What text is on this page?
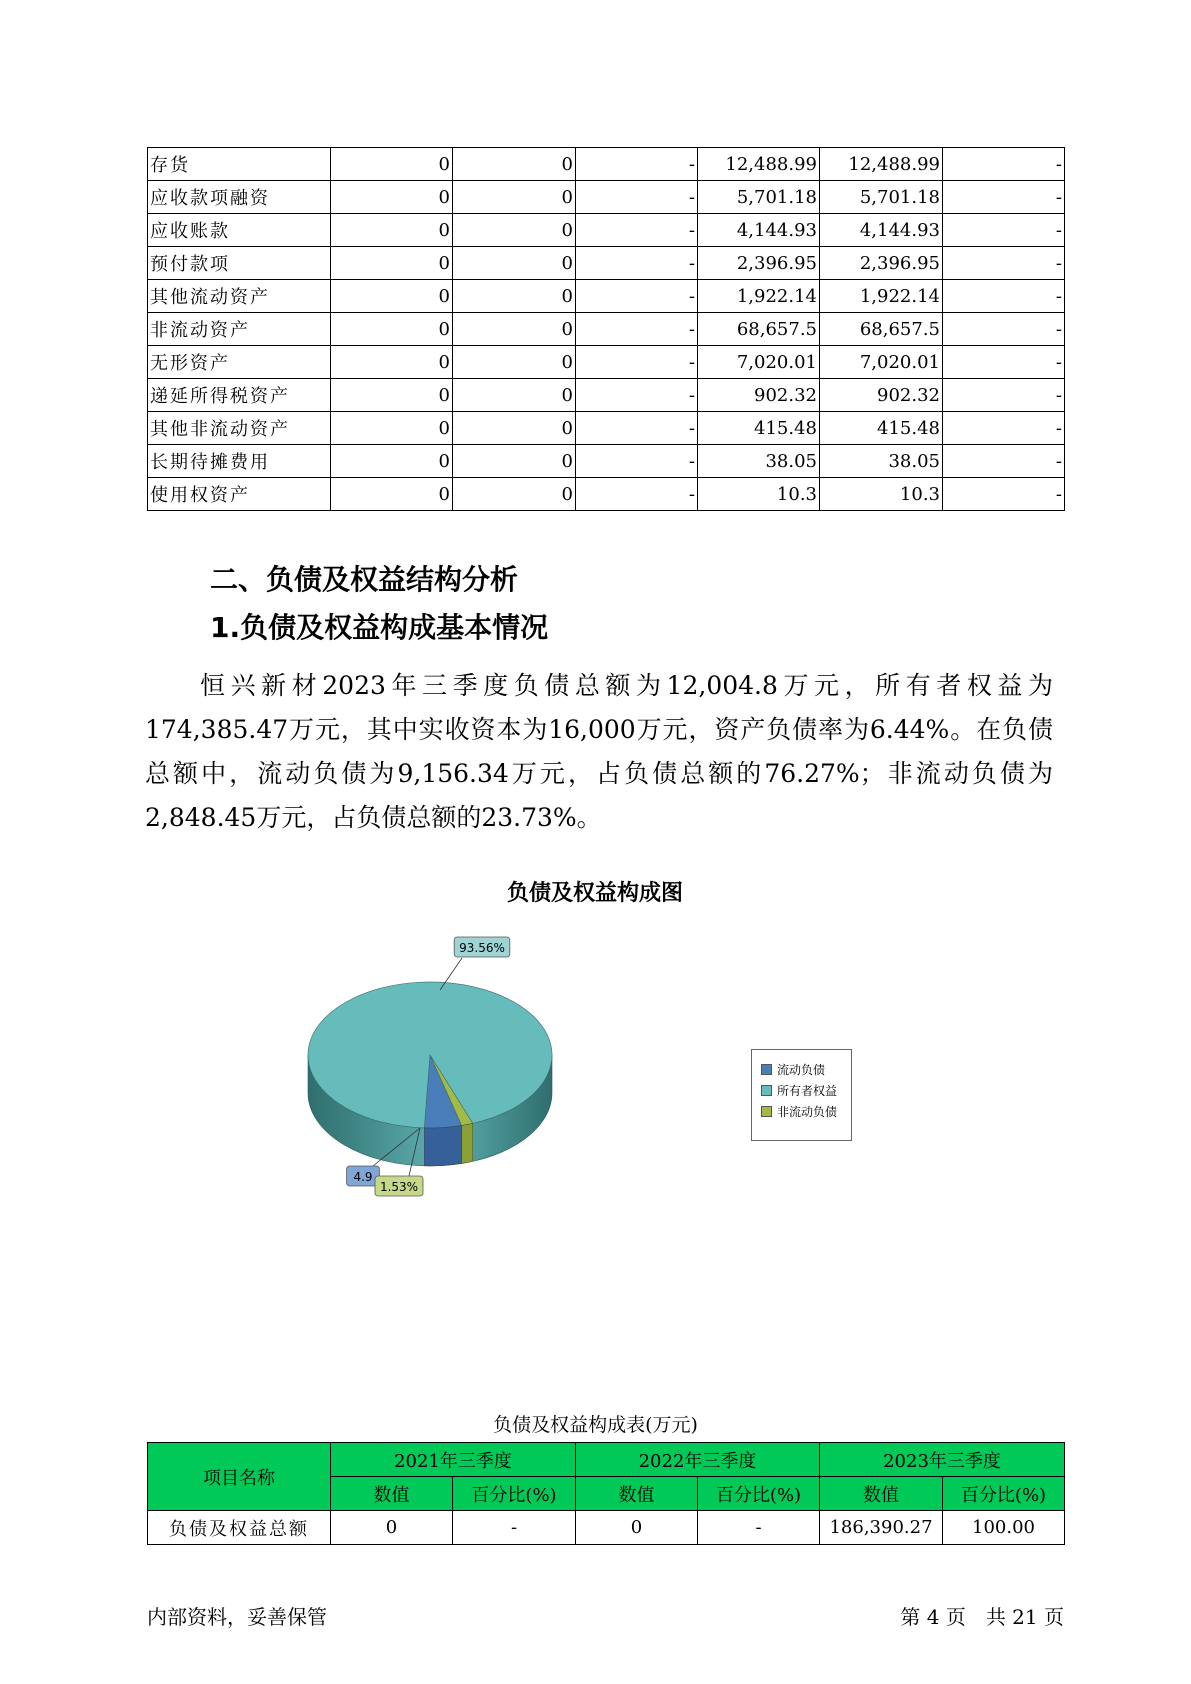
存货	0	0	-	12,488.99	12,488.99	-
应收款项融资	0	0	-	5,701.18	5,701.18	-
应收账款	0	0	-	4,144.93	4,144.93	-
预付款项	0	0	-	2,396.95	2,396.95	-
其他流动资产	0	0	-	1,922.14	1,922.14	-
非流动资产	0	0	-	68,657.5	68,657.5	-
无形资产	0	0	-	7,020.01	7,020.01	-
递延所得税资产	0	0	-	902.32	902.32	-
其他非流动资产	0	0	-	415.48	415.48	-
长期待摊费用	0	0	-	38.05	38.05	-
使用权资产	0	0	-	10.3	10.3	-
二、负债及权益结构分析
1.负债及权益构成基本情况
恒兴新材2023年三季度负债总额为12,004.8万元，所有者权益为174,385.47万元，其中实收资本为16,000万元，资产负债率为6.44%。在负债总额中，流动负债为9,156.34万元，占负债总额的76.27%；非流动负债为2,848.45万元，占负债总额的23.73%。
负债及权益构成图
4.9
93.56%
1.53%
流动负债
所有者权益
非流动负债
负债及权益构成表(万元)
项目名称	2021年三季度		2022年三季度		2023年三季度	
	数值	百分比(%)	数值	百分比(%)	数值	百分比(%)
负债及权益总额	0	-	0	-	186,390.27	100.00
内部资料，妥善保管	第 4 页　共 21 页
